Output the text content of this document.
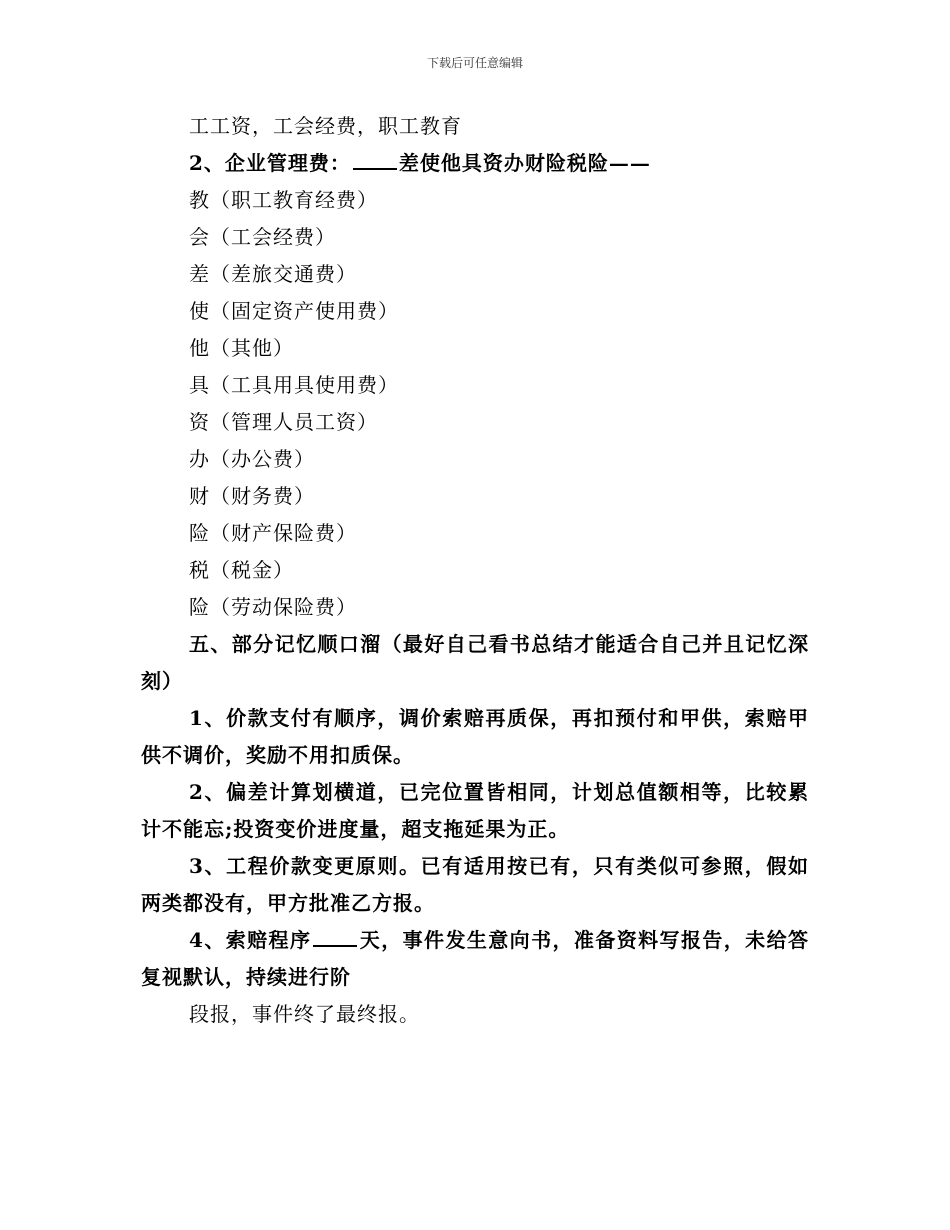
下载后可任意编辑
工工资，工会经费，职工教育
2、企业管理费： 差使他具资办财险税险——
教（职工教育经费）
会（工会经费）
差（差旅交通费）
使（固定资产使用费）
他（其他）
具（工具用具使用费）
资（管理人员工资）
办（办公费）
财（财务费）
险（财产保险费）
税（税金）
险（劳动保险费）
五、部分记忆顺口溜（最好自己看书总结才能适合自己并且记忆深刻）
1、价款支付有顺序，调价索赔再质保，再扣预付和甲供，索赔甲供不调价，奖励不用扣质保。
2、偏差计算划横道，已完位置皆相同，计划总值额相等，比较累计不能忘;投资变价进度量，超支拖延果为正。
3、工程价款变更原则。已有适用按已有，只有类似可参照，假如两类都没有，甲方批准乙方报。
4、索赔程序 天，事件发生意向书，准备资料写报告，未给答复视默认，持续进行阶
段报，事件终了最终报。
